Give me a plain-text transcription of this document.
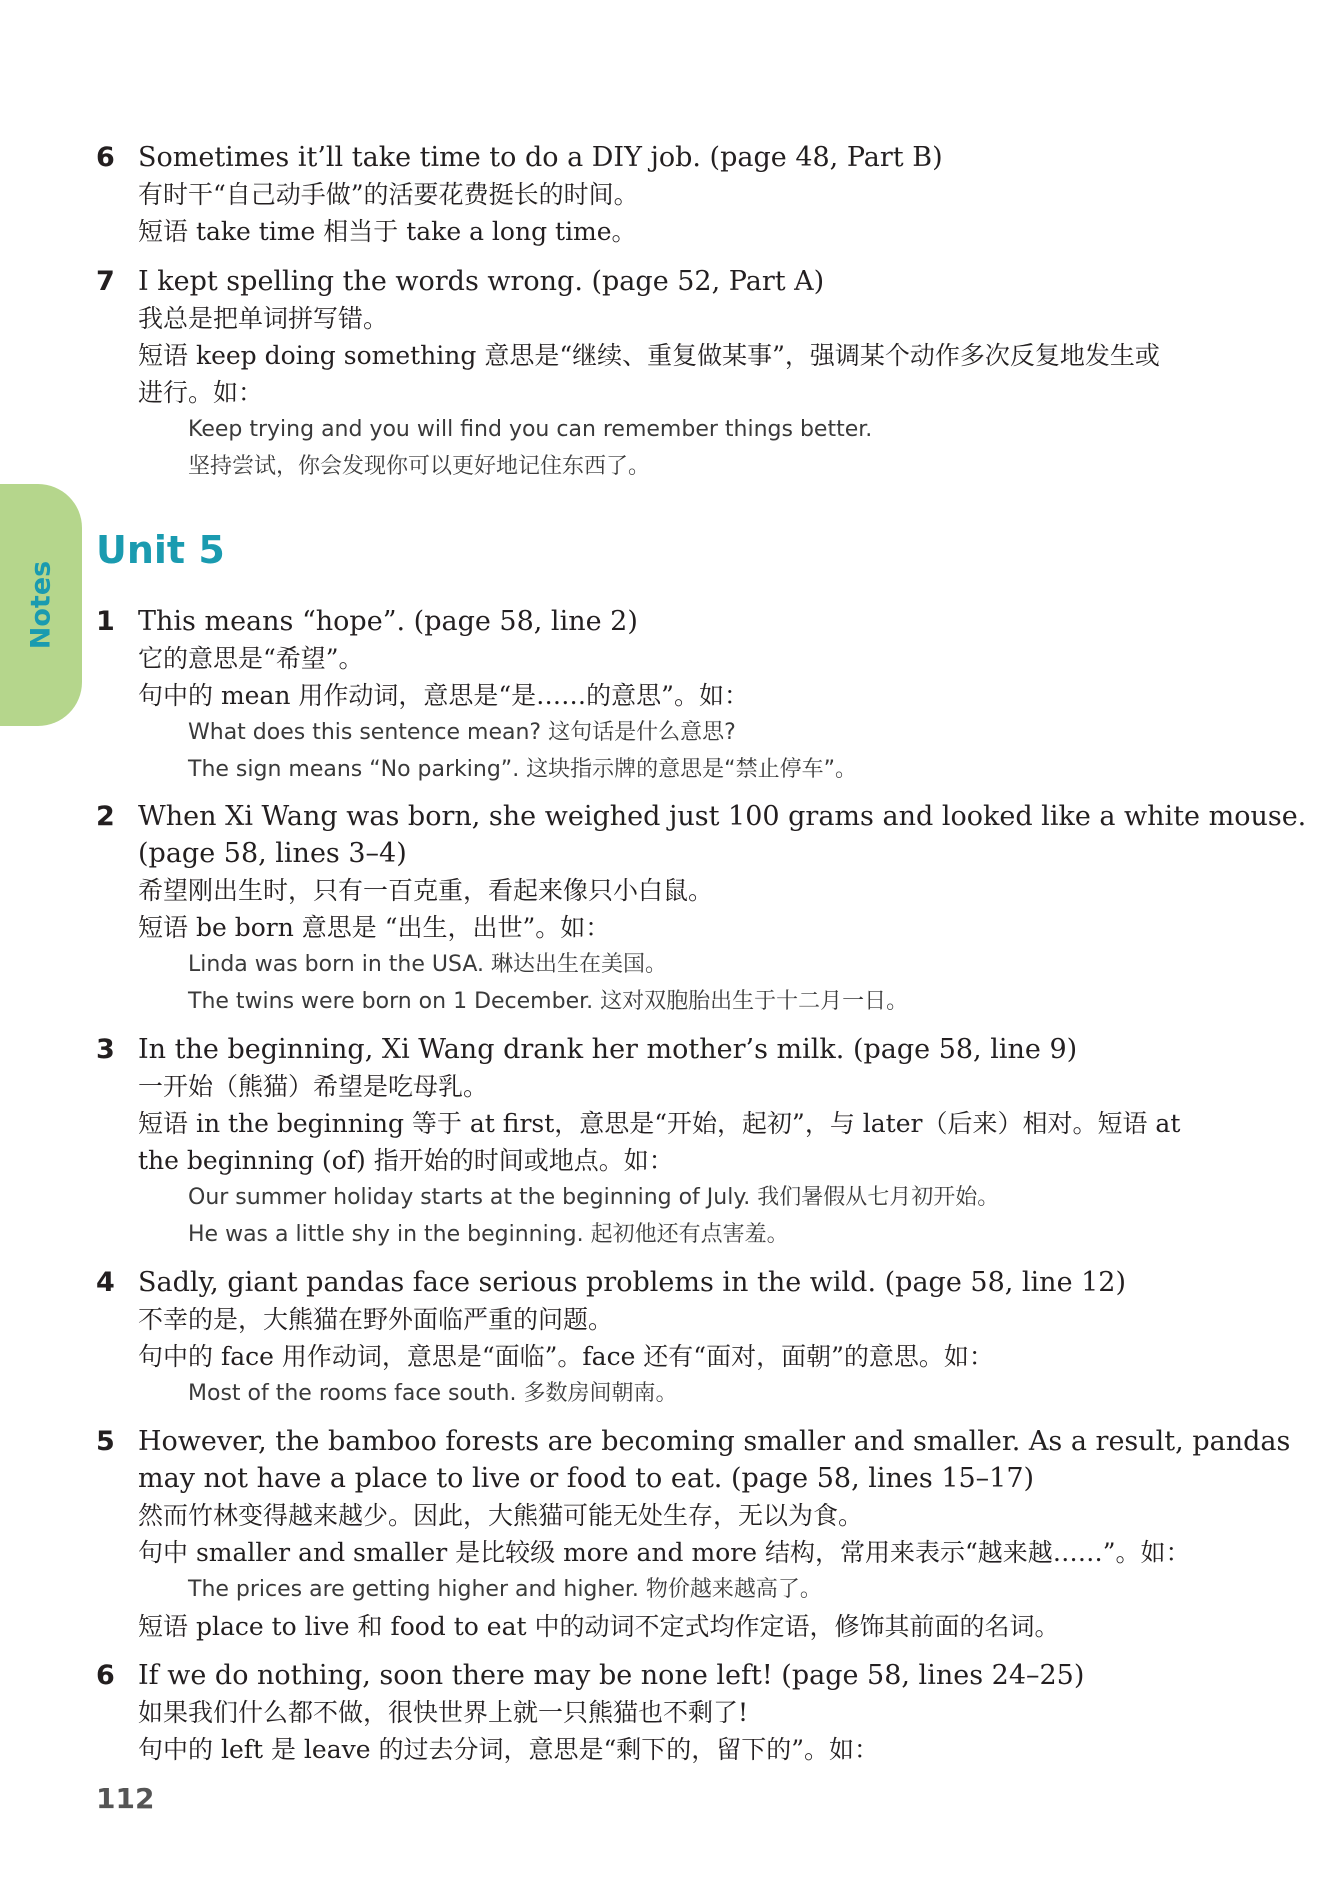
Notes
6 Sometimes it’ll take time to do a DIY job. (page 48, Part B)
有时干“自己动手做”的活要花费挺长的时间。
短语 take time 相当于 take a long time。
7 I kept spelling the words wrong. (page 52, Part A)
我总是把单词拼写错。
短语 keep doing something 意思是“继续、重复做某事”，强调某个动作多次反复地发生或
进行。如：
Keep trying and you will find you can remember things better.
坚持尝试，你会发现你可以更好地记住东西了。
Unit 5
1 This means “hope”. (page 58, line 2)
它的意思是“希望”。
句中的 mean 用作动词，意思是“是……的意思”。如：
What does this sentence mean? 这句话是什么意思?
The sign means “No parking”. 这块指示牌的意思是“禁止停车”。
2 When Xi Wang was born, she weighed just 100 grams and looked like a white mouse.
(page 58, lines 3–4)
希望刚出生时，只有一百克重，看起来像只小白鼠。
短语 be born 意思是 “出生，出世”。如：
Linda was born in the USA. 琳达出生在美国。
The twins were born on 1 December. 这对双胞胎出生于十二月一日。
3 In the beginning, Xi Wang drank her mother’s milk. (page 58, line 9)
一开始（熊猫）希望是吃母乳。
短语 in the beginning 等于 at first，意思是“开始，起初”，与 later（后来）相对。短语 at
the beginning (of) 指开始的时间或地点。如：
Our summer holiday starts at the beginning of July. 我们暑假从七月初开始。
He was a little shy in the beginning. 起初他还有点害羞。
4 Sadly, giant pandas face serious problems in the wild. (page 58, line 12)
不幸的是，大熊猫在野外面临严重的问题。
句中的 face 用作动词，意思是“面临”。face 还有“面对，面朝”的意思。如：
Most of the rooms face south. 多数房间朝南。
5 However, the bamboo forests are becoming smaller and smaller. As a result, pandas
may not have a place to live or food to eat. (page 58, lines 15–17)
然而竹林变得越来越少。因此，大熊猫可能无处生存，无以为食。
句中 smaller and smaller 是比较级 more and more 结构，常用来表示“越来越……”。如：
The prices are getting higher and higher. 物价越来越高了。
短语 place to live 和 food to eat 中的动词不定式均作定语，修饰其前面的名词。
6 If we do nothing, soon there may be none left! (page 58, lines 24–25)
如果我们什么都不做，很快世界上就一只熊猫也不剩了!
句中的 left 是 leave 的过去分词，意思是“剩下的，留下的”。如：
112
